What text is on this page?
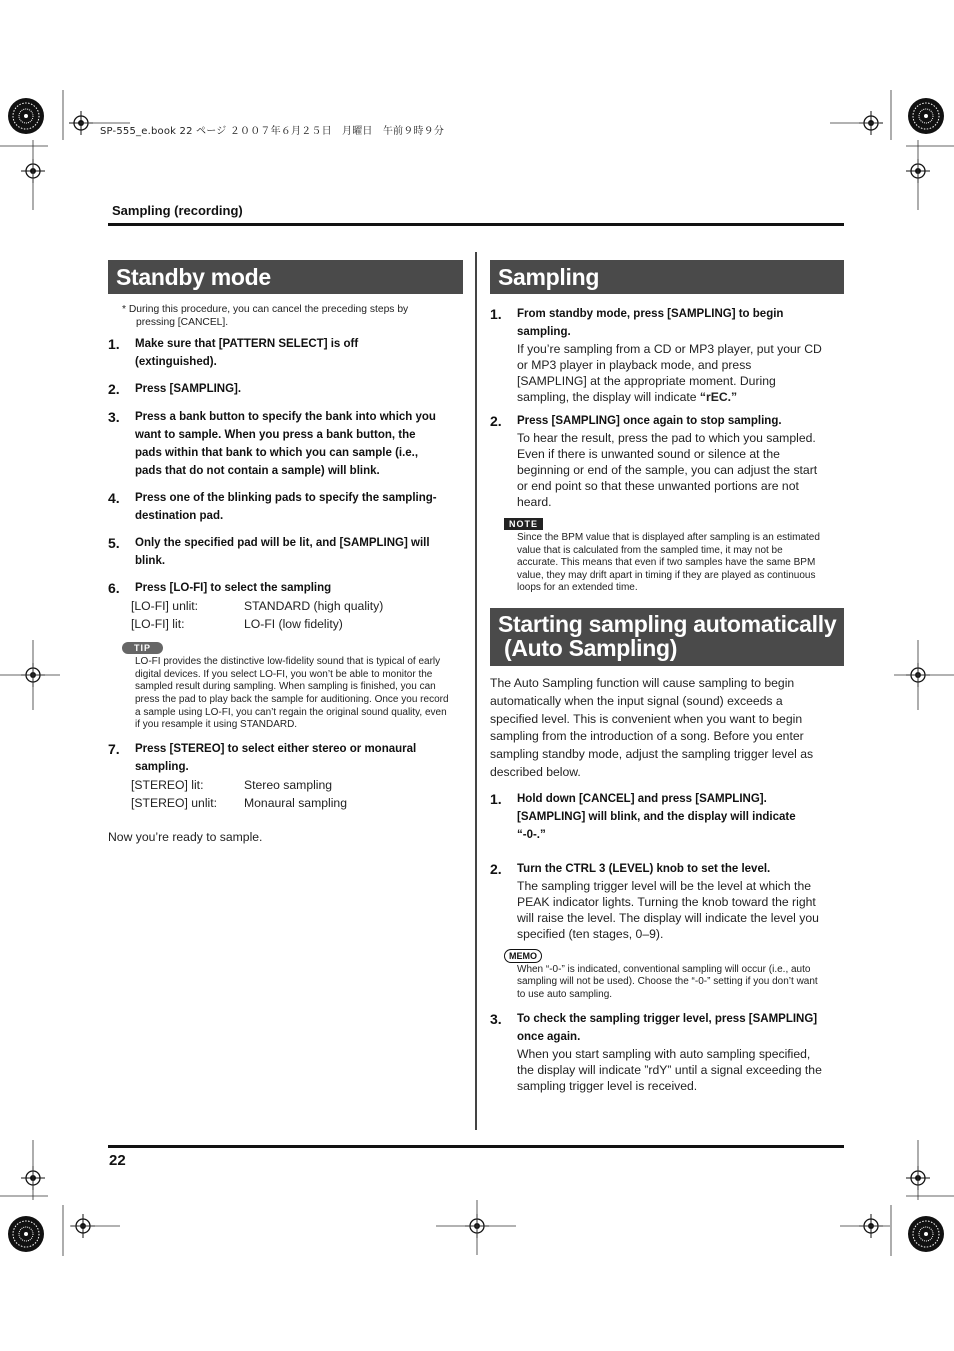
SP-555_e.book 22 ページ ２００７年６月２５日　月曜日　午前９時９分
Sampling (recording)
Standby mode

* During this procedure, you can cancel the preceding steps by pressing [CANCEL].

1. Make sure that [PATTERN SELECT] is off (extinguished).
2. Press [SAMPLING].
3. Press a bank button to specify the bank into which you want to sample. When you press a bank button, the pads within that bank to which you can sample (i.e., pads that do not contain a sample) will blink.
4. Press one of the blinking pads to specify the sampling-destination pad.
5. Only the specified pad will be lit, and [SAMPLING] will blink.
6. Press [LO-FI] to select the sampling
[LO-FI] unlit:	STANDARD (high quality)
[LO-FI] lit:	LO-FI (low fidelity)
TIP

LO-FI provides the distinctive low-fidelity sound that is typical of early digital devices. If you select LO-FI, you won’t be able to monitor the sampled result during sampling. When sampling is finished, you can press the pad to play back the sample for auditioning. Once you record a sample using LO-FI, you can’t regain the original sound quality, even if you resample it using STANDARD.

7. Press [STEREO] to select either stereo or monaural sampling.
[STEREO] lit:	Stereo sampling
[STEREO] unlit:	Monaural sampling

Now you’re ready to sample.

Sampling
1. From standby mode, press [SAMPLING] to begin sampling.

If you’re sampling from a CD or MP3 player, put your CD or MP3 player in playback mode, and press [SAMPLING] at the appropriate moment. During sampling, the display will indicate “rEC.”

2. Press [SAMPLING] once again to stop sampling.

To hear the result, press the pad to which you sampled. Even if there is unwanted sound or silence at the beginning or end of the sample, you can adjust the start or end point so that these unwanted portions are not heard.

NOTE

Since the BPM value that is displayed after sampling is an estimated value that is calculated from the sampled time, it may not be accurate. This means that even if two samples have the same BPM value, they may drift apart in timing if they are played as continuous loops for an extended time.

Starting sampling automatically
(Auto Sampling)

The Auto Sampling function will cause sampling to begin automatically when the input signal (sound) exceeds a specified level. This is convenient when you want to begin sampling from the introduction of a song. Before you enter sampling standby mode, adjust the sampling trigger level as described below.

1. Hold down [CANCEL] and press [SAMPLING]. [SAMPLING] will blink, and the display will indicate “-0-.”
2. Turn the CTRL 3 (LEVEL) knob to set the level.

The sampling trigger level will be the level at which the PEAK indicator lights. Turning the knob toward the right will raise the level. The display will indicate the level you specified (ten stages, 0–9).

MEMO

When “-0-” is indicated, conventional sampling will occur (i.e., auto sampling will not be used). Choose the “-0-” setting if you don’t want to use auto sampling.

3. To check the sampling trigger level, press [SAMPLING] once again.

When you start sampling with auto sampling specified, the display will indicate ”rdY” until a signal exceeding the sampling trigger level is received.

22
